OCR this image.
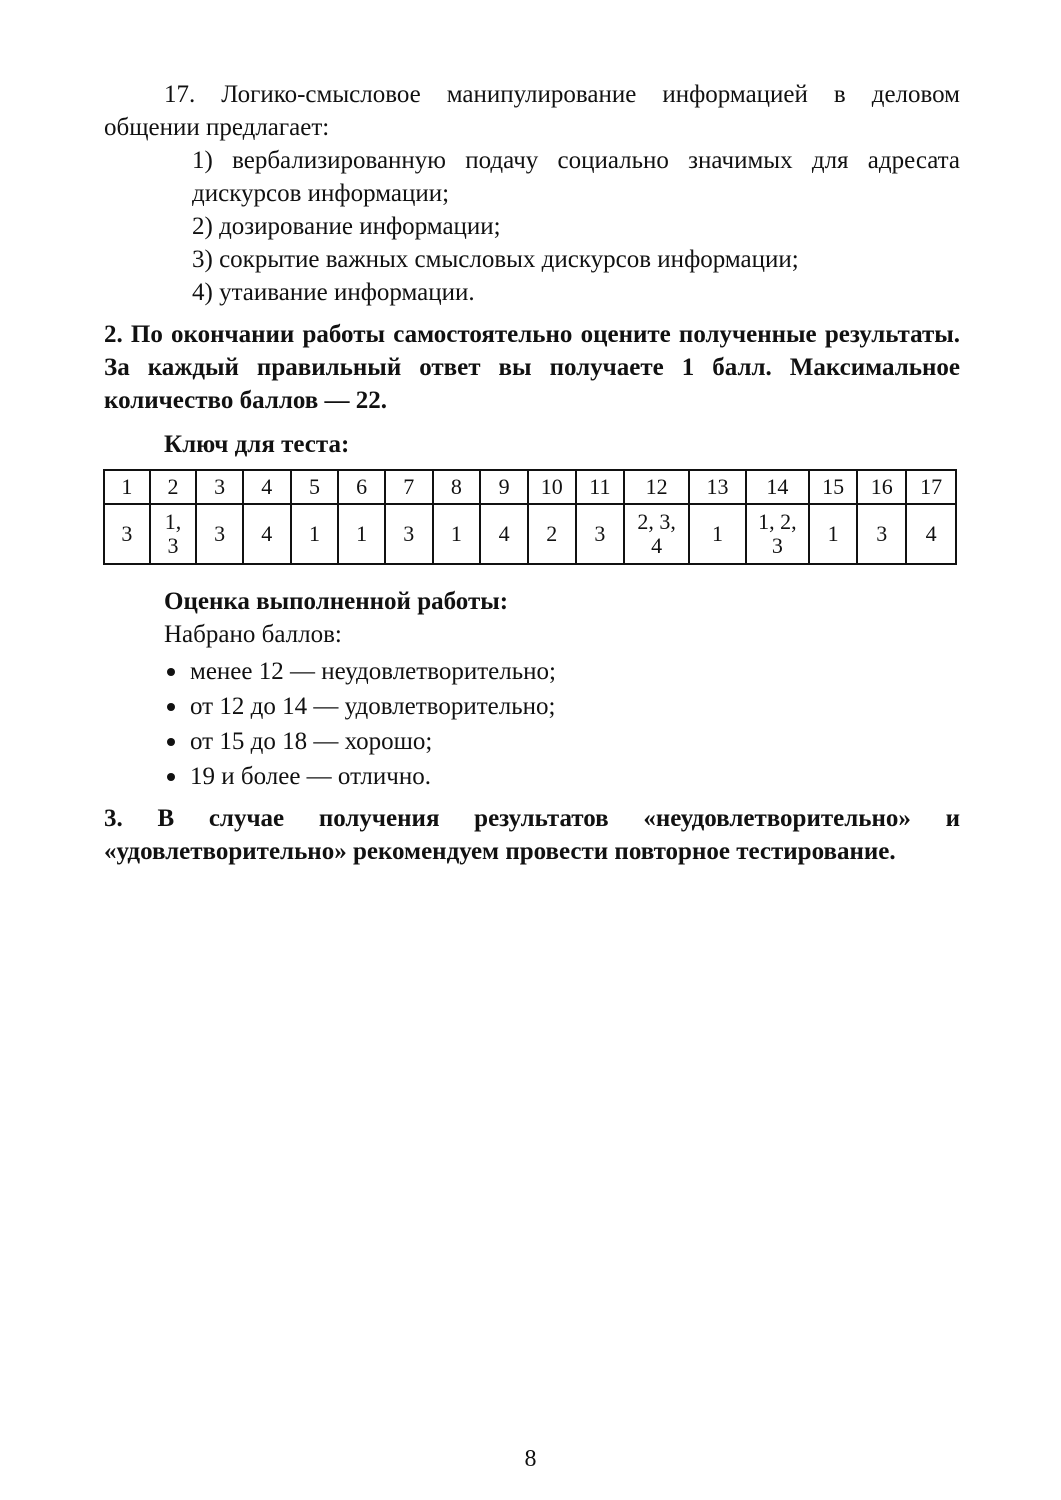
17. Логико-смысловое манипулирование информацией в деловом общении предлагает:

1) вербализированную подачу социально значимых для адресата дискурсов информации;
2) дозирование информации;
3) сокрытие важных смысловых дискурсов информации;
4) утаивание информации.

2. По окончании работы самостоятельно оцените полученные результаты. За каждый правильный ответ вы получаете 1 балл. Максимальное количество баллов — 22.

Ключ для теста:
1	2	3	4	5	6	7	8	9	10	11	12	13	14	15	16	17
3	1, 3	3	4	1	1	3	1	4	2	3	2, 3, 4	1	1, 2, 3	1	3	4
Оценка выполненной работы:
Набрано баллов:
менее 12 — неудовлетворительно;
от 12 до 14 — удовлетворительно;
от 15 до 18 — хорошо;
19 и более — отлично.

3. В случае получения результатов «неудовлетворительно» и «удовлетворительно» рекомендуем провести повторное тестирование.

8
